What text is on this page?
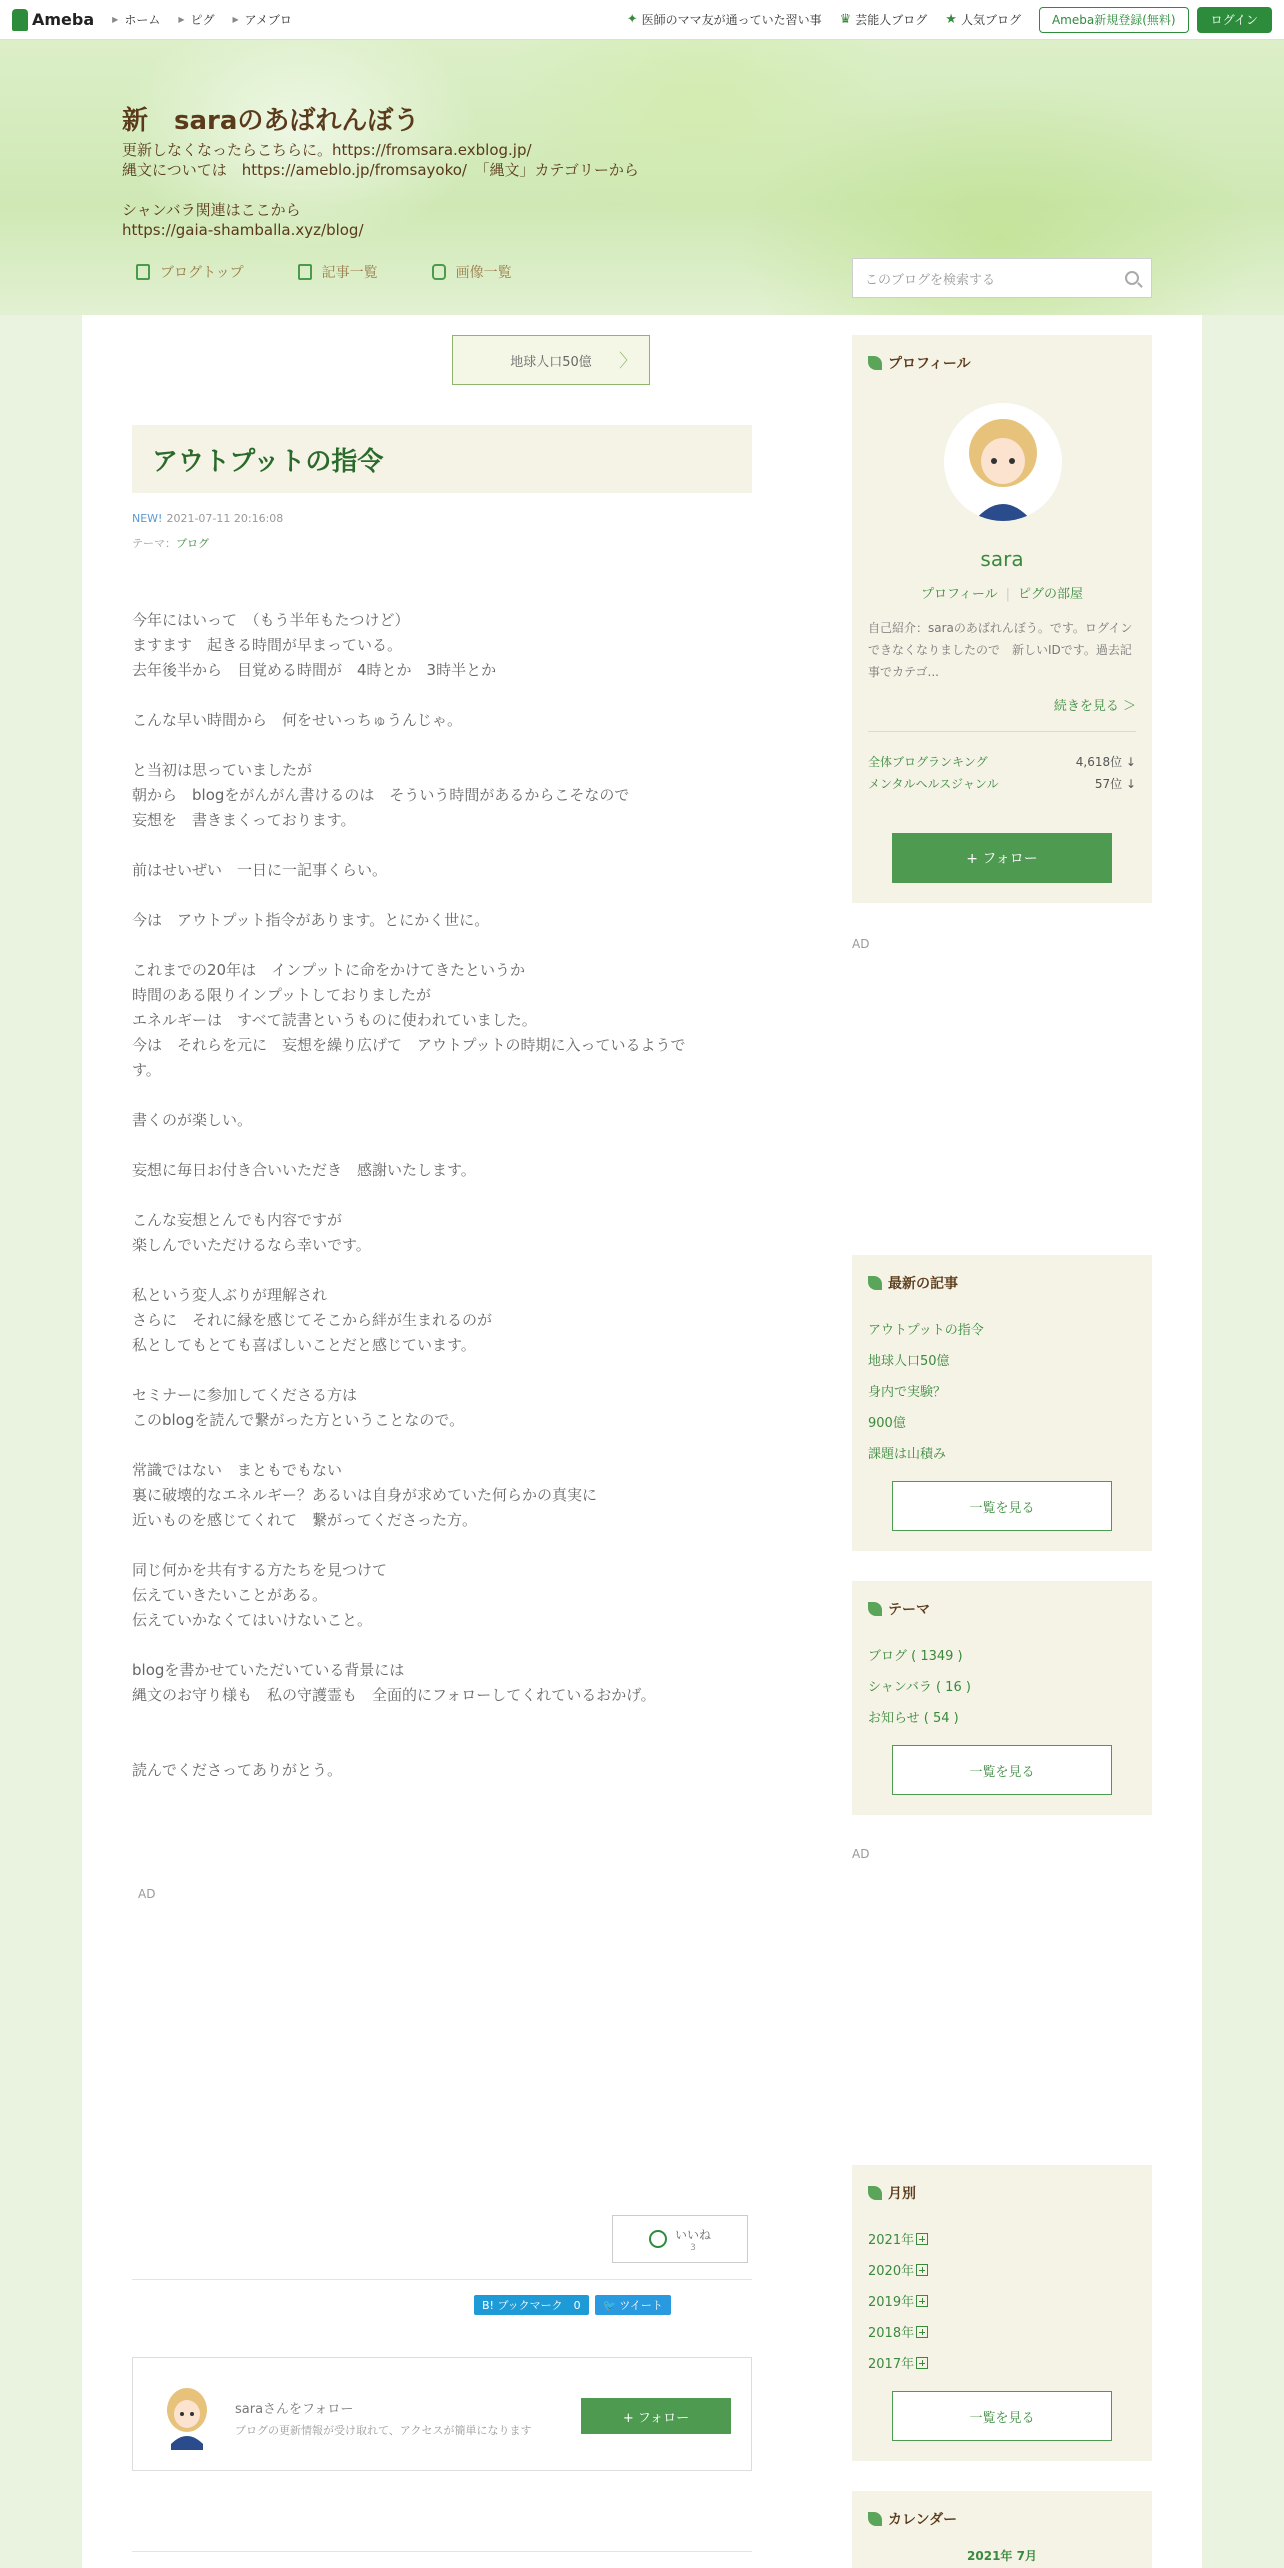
Ameba ▶ ホーム ▶ ピグ ▶ アメブロ	✦ 医師のママ友が通っていた習い事 ♛ 芸能人ブログ ★ 人気ブログ	Ameba新規登録(無料)	ログイン
新　saraのあばれんぼう
更新しなくなったらこちらに。https://fromsara.exblog.jp/
縄文については　https://ameblo.jp/fromsayoko/　「縄文」カテゴリーから
シャンバラ関連はここから
https://gaia-shamballa.xyz/blog/
ブログトップ	記事一覧	画像一覧	このブログを検索する
地球人口50億 〉
アウトプットの指令
NEW! 2021-07-11 20:16:08
テーマ：ブログ

今年にはいって　（もう半年もたつけど）

ますます　起きる時間が早まっている。

去年後半から　目覚める時間が　4時とか　3時半とか

こんな早い時間から　何をせいっちゅうんじゃ。

と当初は思っていましたが

朝から　blogをがんがん書けるのは　そういう時間があるからこそなので

妄想を　書きまくっております。

前はせいぜい　一日に一記事くらい。

今は　アウトプット指令があります。とにかく世に。

これまでの20年は　インプットに命をかけてきたというか

時間のある限りインプットしておりましたが

エネルギーは　すべて読書というものに使われていました。

今は　それらを元に　妄想を繰り広げて　アウトプットの時期に入っているようで

す。

書くのが楽しい。

妄想に毎日お付き合いいただき　感謝いたします。

こんな妄想とんでも内容ですが

楽しんでいただけるなら幸いです。

私という変人ぶりが理解され

さらに　それに縁を感じてそこから絆が生まれるのが

私としてもとても喜ばしいことだと感じています。

セミナーに参加してくださる方は

このblogを読んで繋がった方ということなので。

常識ではない　まともでもない

裏に破壊的なエネルギー？あるいは自身が求めていた何らかの真実に

近いものを感じてくれて　繋がってくださった方。

同じ何かを共有する方たちを見つけて

伝えていきたいことがある。

伝えていかなくてはいけないこと。

blogを書かせていただいている背景には

縄文のお守り様も　私の守護霊も　全面的にフォローしてくれているおかげ。

読んでくださってありがとう。

AD
いいね
3
B! ブックマーク　0	🐦 ツイート
saraさんをフォロー
ブログの更新情報が受け取れて、アクセスが簡単になります
+ フォロー
プロフィール
sara
プロフィール | ピグの部屋
自己紹介：saraのあばれんぼう。です。ログインできなくなりましたので　新しいIDです。過去記事でカテゴ...
続きを見る ＞
全体ブログランキング	4,618位 ↓
メンタルヘルスジャンル	57位 ↓
+ フォロー
AD
最新の記事
アウトプットの指令
地球人口50億
身内で実験？
900億
課題は山積み
一覧を見る
テーマ
ブログ ( 1349 )
シャンバラ ( 16 )
お知らせ ( 54 )
一覧を見る
AD
月別
2021年
2020年
2019年
2018年
2017年
一覧を見る
カレンダー
2021年 7月
